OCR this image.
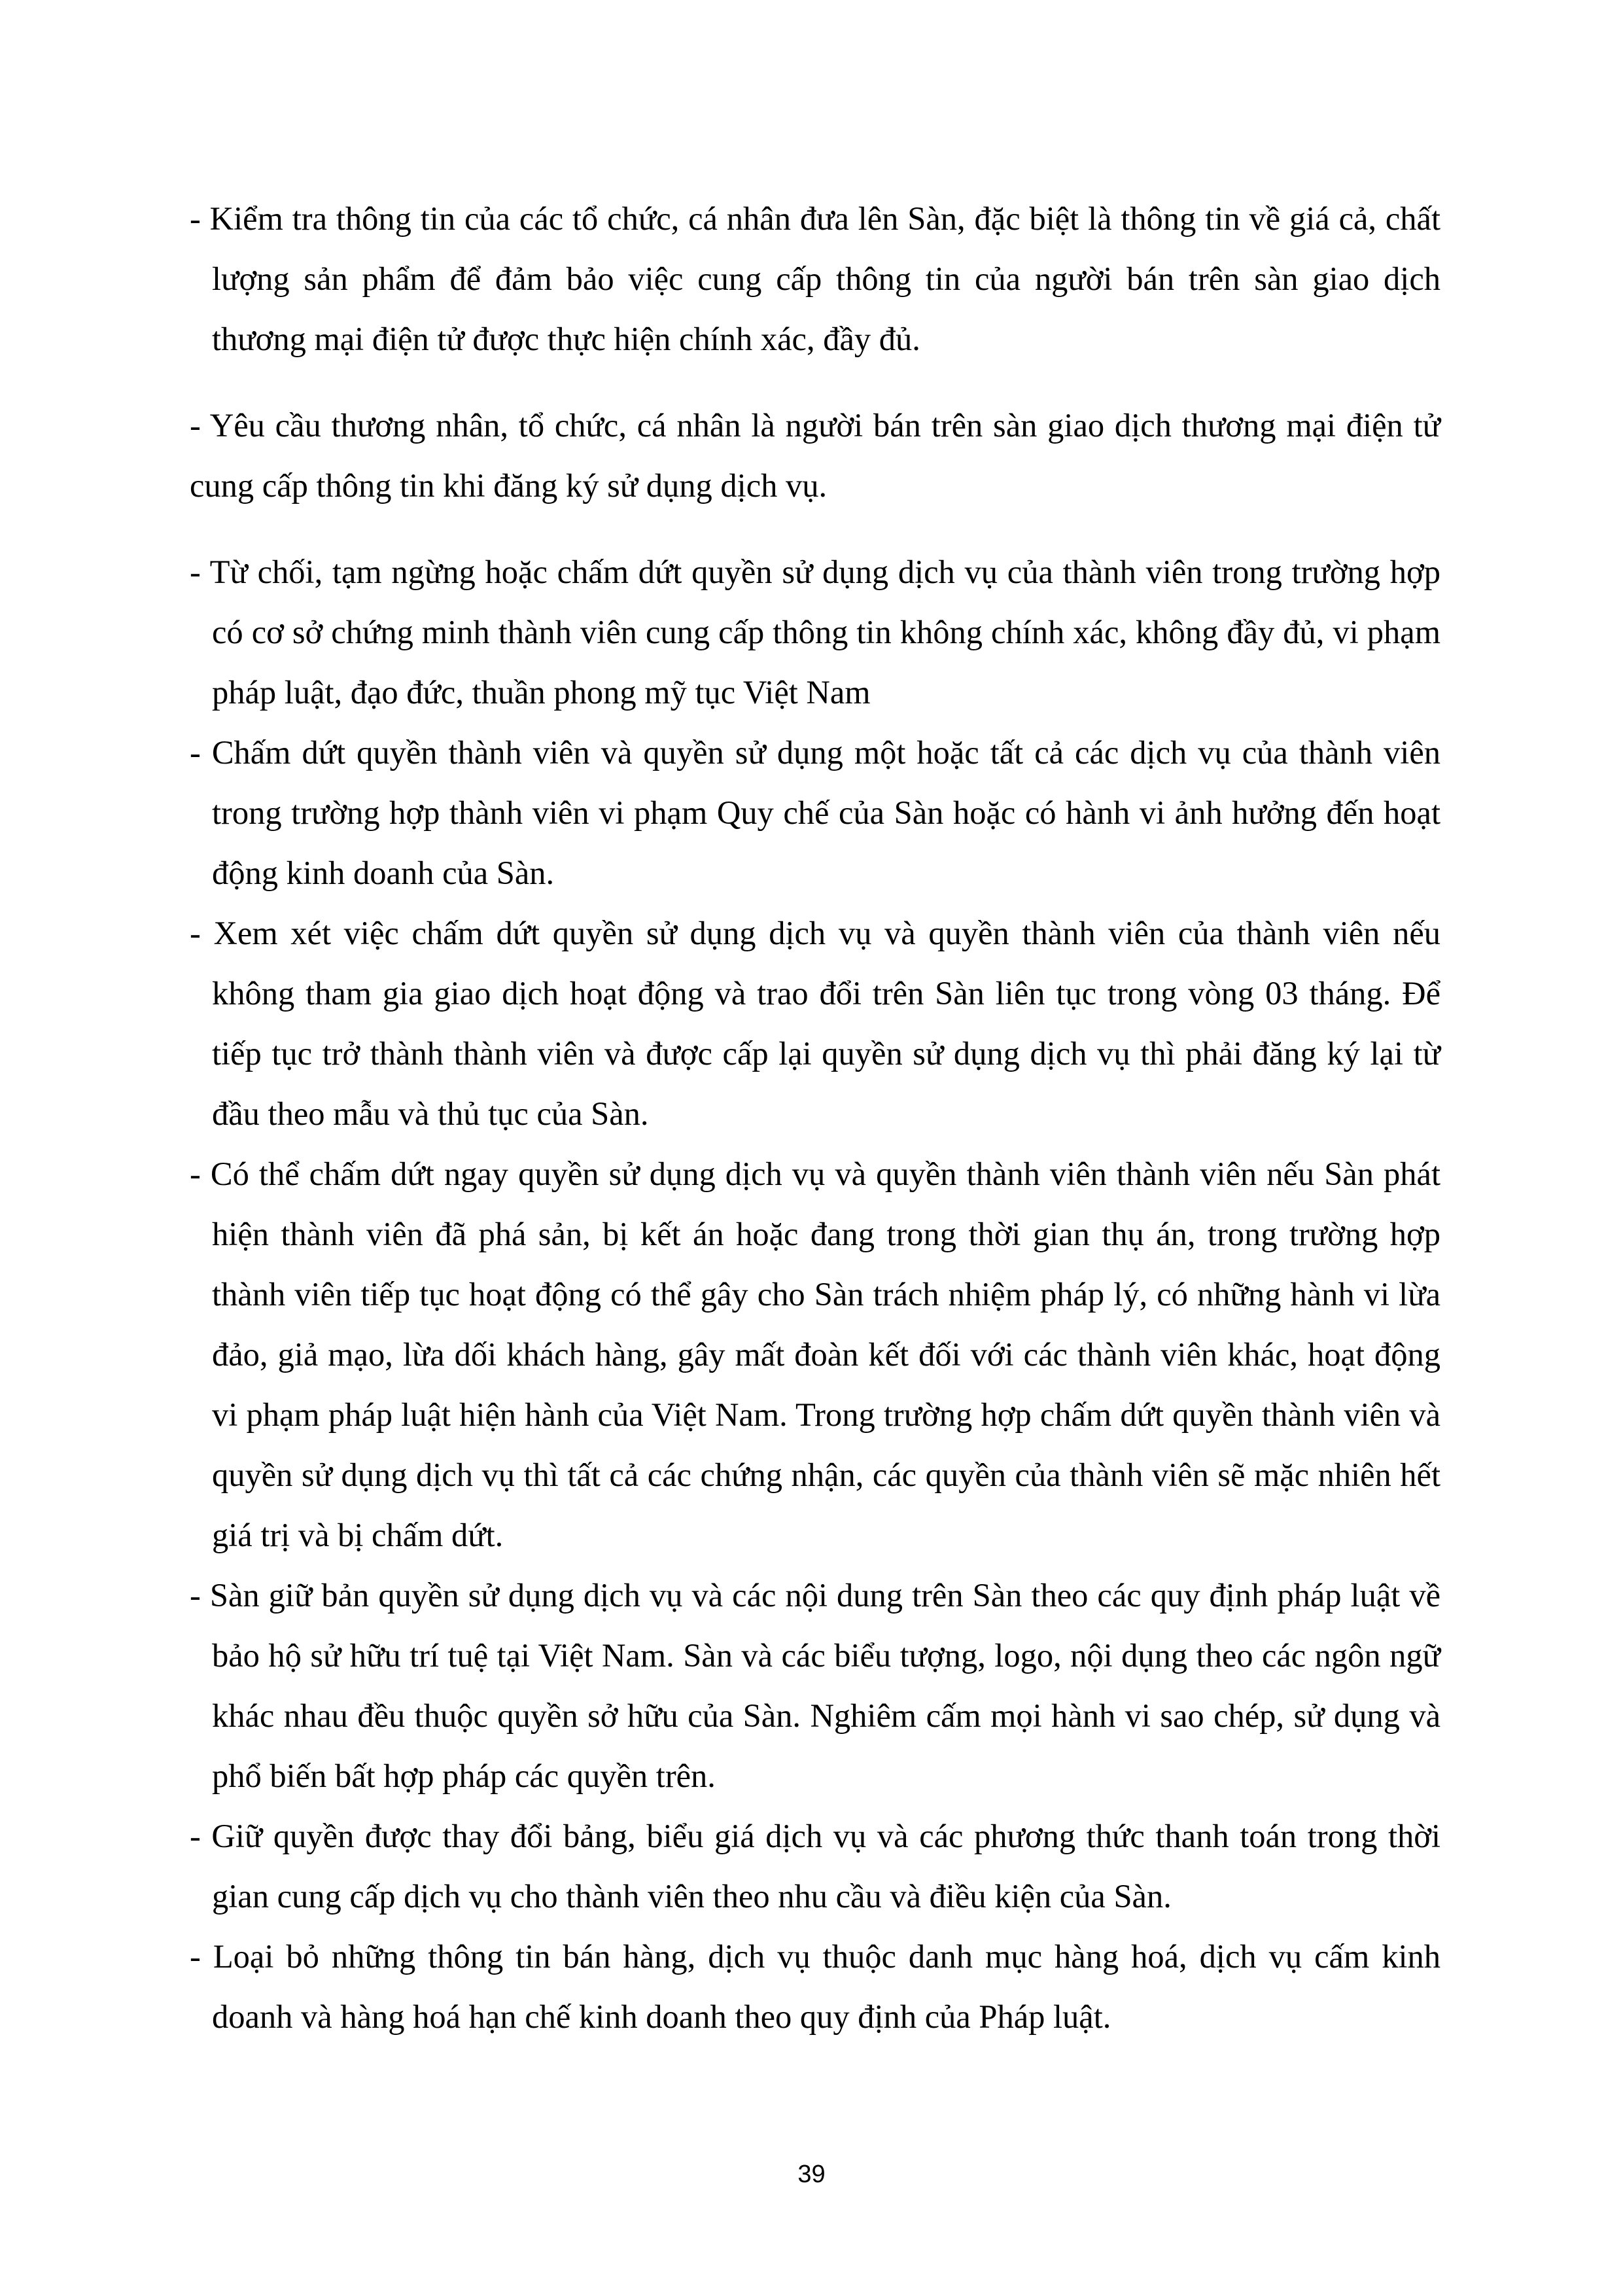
- Kiểm tra thông tin của các tổ chức, cá nhân đưa lên Sàn, đặc biệt là thông tin về giá cả, chất lượng sản phẩm để đảm bảo việc cung cấp thông tin của người bán trên sàn giao dịch thương mại điện tử được thực hiện chính xác, đầy đủ.

- Yêu cầu thương nhân, tổ chức, cá nhân là người bán trên sàn giao dịch thương mại điện tử cung cấp thông tin khi đăng ký sử dụng dịch vụ.

- Từ chối, tạm ngừng hoặc chấm dứt quyền sử dụng dịch vụ của thành viên trong trường hợp có cơ sở chứng minh thành viên cung cấp thông tin không chính xác, không đầy đủ, vi phạm pháp luật, đạo đức, thuần phong mỹ tục Việt Nam

- Chấm dứt quyền thành viên và quyền sử dụng một hoặc tất cả các dịch vụ của thành viên trong trường hợp thành viên vi phạm Quy chế của Sàn hoặc có hành vi ảnh hưởng đến hoạt động kinh doanh của Sàn.

- Xem xét việc chấm dứt quyền sử dụng dịch vụ và quyền thành viên của thành viên nếu không tham gia giao dịch hoạt động và trao đổi trên Sàn liên tục trong vòng 03 tháng. Để tiếp tục trở thành thành viên và được cấp lại quyền sử dụng dịch vụ thì phải đăng ký lại từ đầu theo mẫu và thủ tục của Sàn.

- Có thể chấm dứt ngay quyền sử dụng dịch vụ và quyền thành viên thành viên nếu Sàn phát hiện thành viên đã phá sản, bị kết án hoặc đang trong thời gian thụ án, trong trường hợp thành viên tiếp tục hoạt động có thể gây cho Sàn trách nhiệm pháp lý, có những hành vi lừa đảo, giả mạo, lừa dối khách hàng, gây mất đoàn kết đối với các thành viên khác, hoạt động vi phạm pháp luật hiện hành của Việt Nam. Trong trường hợp chấm dứt quyền thành viên và quyền sử dụng dịch vụ thì tất cả các chứng nhận, các quyền của thành viên sẽ mặc nhiên hết giá trị và bị chấm dứt.

- Sàn giữ bản quyền sử dụng dịch vụ và các nội dung trên Sàn theo các quy định pháp luật về bảo hộ sử hữu trí tuệ tại Việt Nam. Sàn và các biểu tượng, logo, nội dụng theo các ngôn ngữ khác nhau đều thuộc quyền sở hữu của Sàn. Nghiêm cấm mọi hành vi sao chép, sử dụng và phổ biến bất hợp pháp các quyền trên.

- Giữ quyền được thay đổi bảng, biểu giá dịch vụ và các phương thức thanh toán trong thời gian cung cấp dịch vụ cho thành viên theo nhu cầu và điều kiện của Sàn.

- Loại bỏ những thông tin bán hàng, dịch vụ thuộc danh mục hàng hoá, dịch vụ cấm kinh doanh và hàng hoá hạn chế kinh doanh theo quy định của Pháp luật.

39
